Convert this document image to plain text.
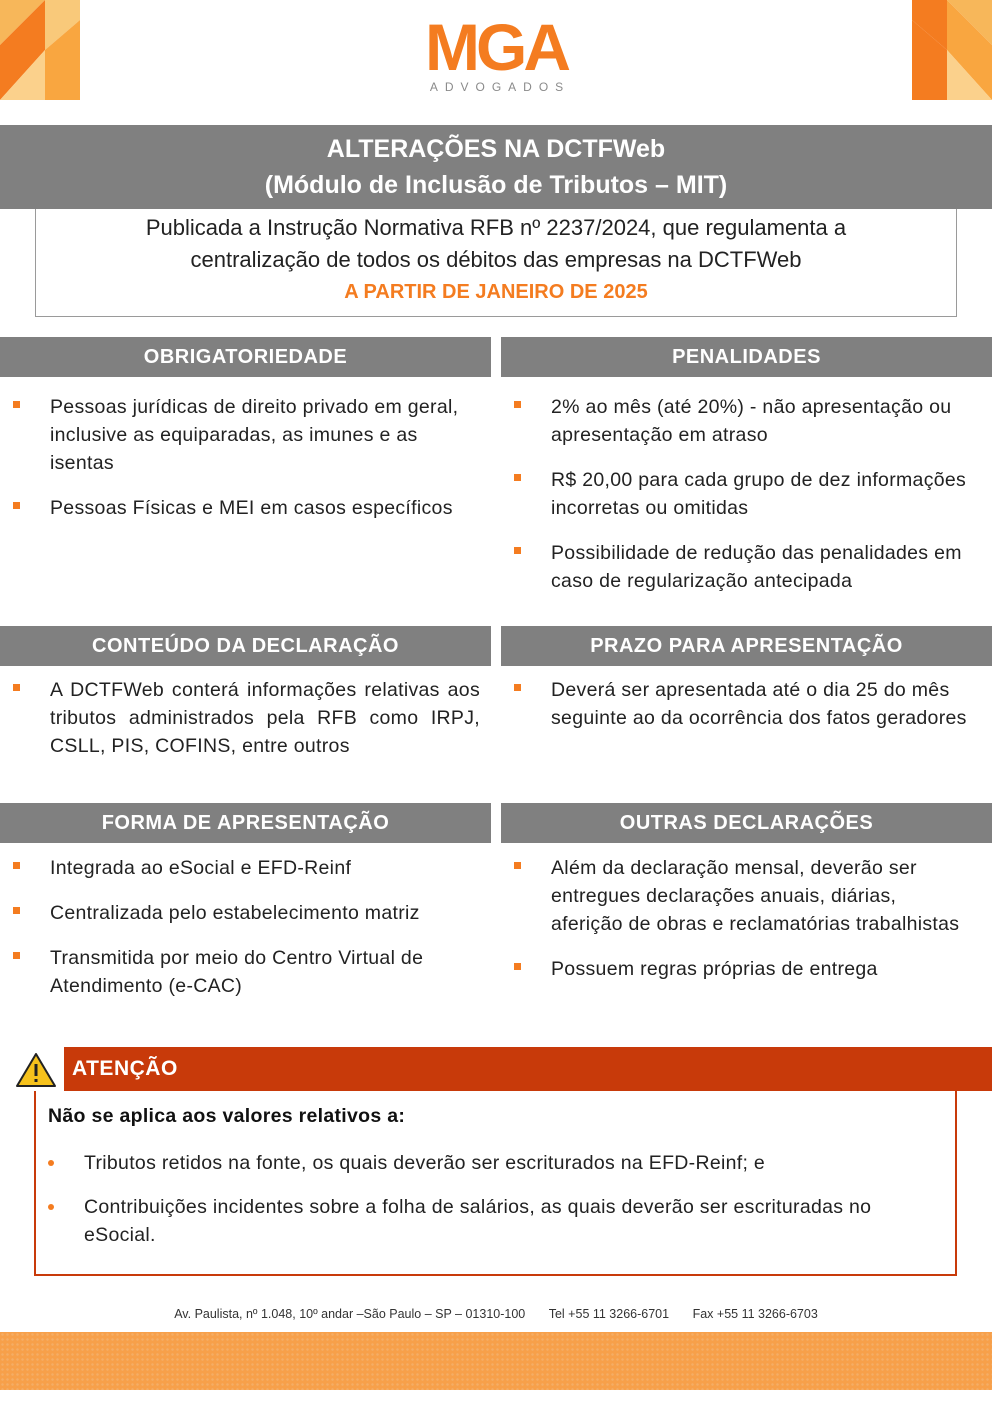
MGA
ADVOGADOS
ALTERAÇÕES NA DCTFWeb
(Módulo de Inclusão de Tributos – MIT)
Publicada a Instrução Normativa RFB nº 2237/2024, que regulamenta a
centralização de todos os débitos das empresas na DCTFWeb
A PARTIR DE JANEIRO DE 2025
OBRIGATORIEDADE
Pessoas jurídicas de direito privado em geral, inclusive as equiparadas, as imunes e as isentas
Pessoas Físicas e MEI em casos específicos
PENALIDADES
2% ao mês (até 20%) - não apresentação ou apresentação em atraso
R$ 20,00 para cada grupo de dez informações incorretas ou omitidas
Possibilidade de redução das penalidades em caso de regularização antecipada
CONTEÚDO DA DECLARAÇÃO
A DCTFWeb conterá informações relativas aos tributos administrados pela RFB como IRPJ, CSLL, PIS, COFINS, entre outros
PRAZO PARA APRESENTAÇÃO
Deverá ser apresentada até o dia 25 do mês seguinte ao da ocorrência dos fatos geradores
FORMA DE APRESENTAÇÃO
Integrada ao eSocial e EFD-Reinf
Centralizada pelo estabelecimento matriz
Transmitida por meio do Centro Virtual de Atendimento (e-CAC)
OUTRAS DECLARAÇÕES
Além da declaração mensal, deverão ser entregues declarações anuais, diárias, aferição de obras e reclamatórias trabalhistas
Possuem regras próprias de entrega
ATENÇÃO
Não se aplica aos valores relativos a:
Tributos retidos na fonte, os quais deverão ser escriturados na EFD-Reinf; e
Contribuições incidentes sobre a folha de salários, as quais deverão ser escrituradas no eSocial.
Av. Paulista, nº 1.048, 10º andar –São Paulo – SP – 01310-100 Tel +55 11 3266-6701 Fax +55 11 3266-6703
